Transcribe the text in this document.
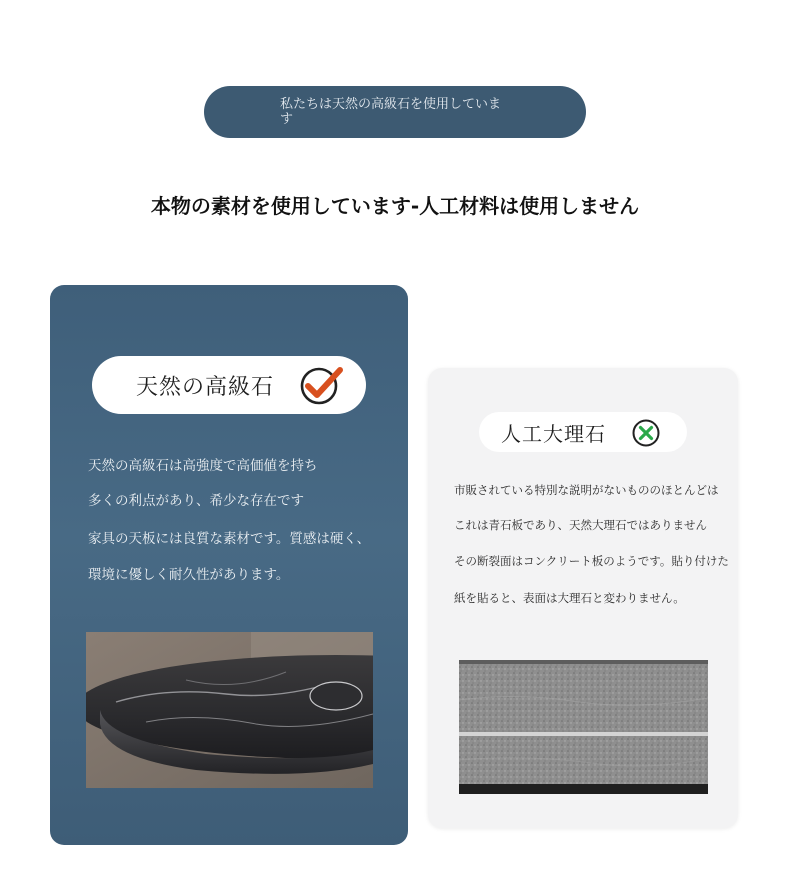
私たちは天然の高級石を使用しています
本物の素材を使用しています-人工材料は使用しません
天然の高級石
天然の高級石は高強度で高価値を持ち
多くの利点があり、希少な存在です
家具の天板には良質な素材です。質感は硬く、
環境に優しく耐久性があります。
人工大理石
市販されている特別な説明がないもののほとんどは
これは青石板であり、天然大理石ではありません
その断裂面はコンクリート板のようです。貼り付けた
紙を貼ると、表面は大理石と変わりません。
